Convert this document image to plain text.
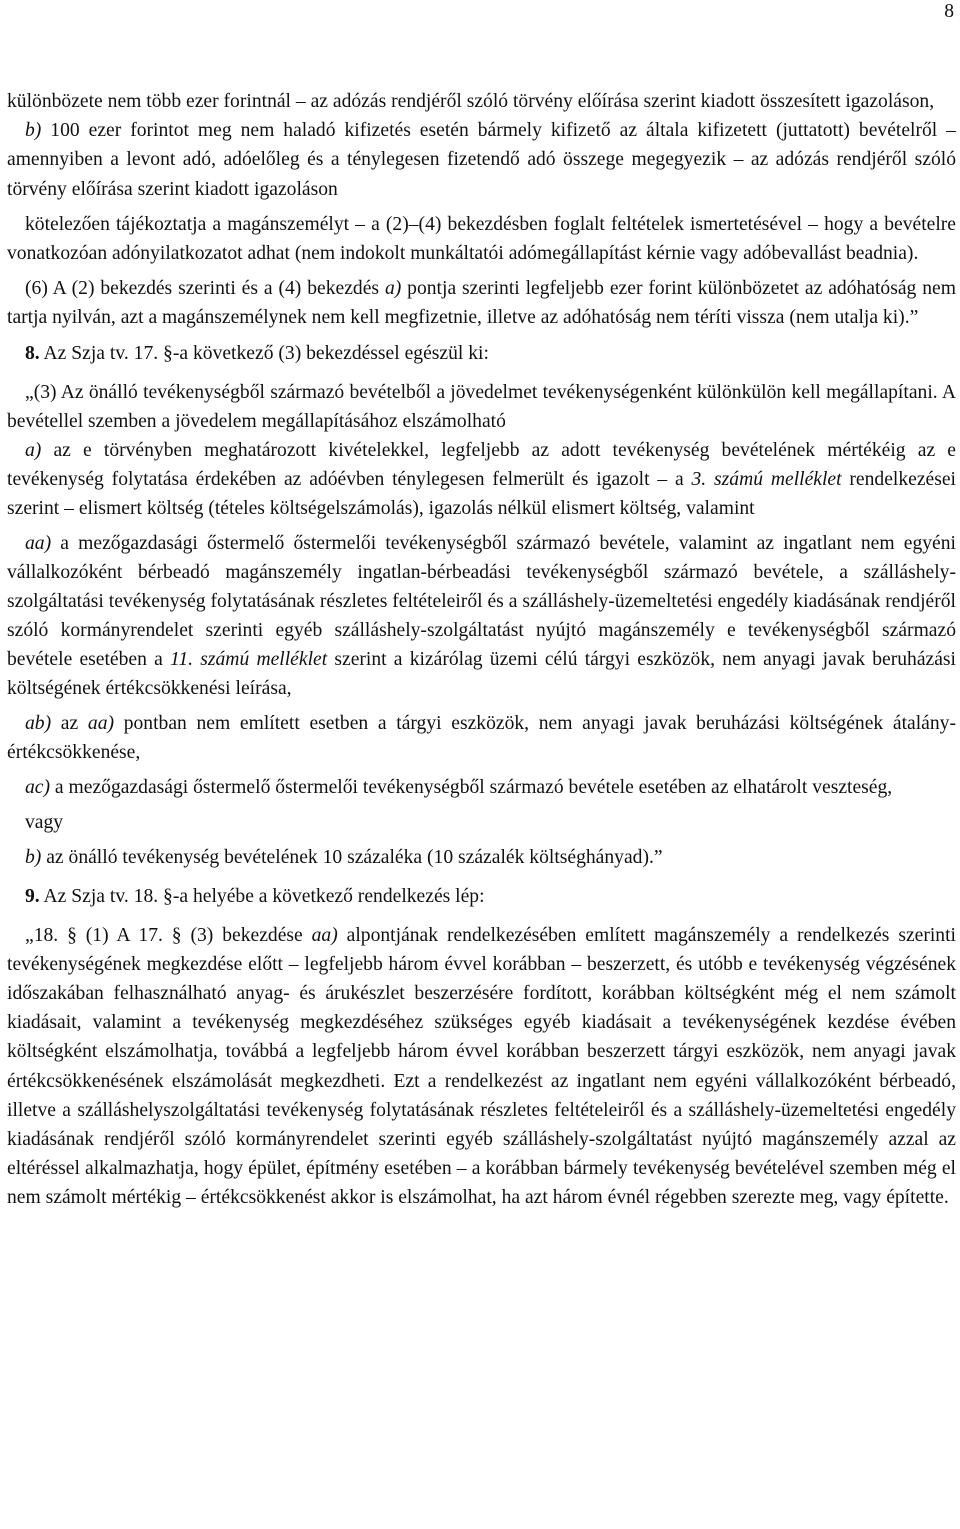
8

különbözete nem több ezer forintnál – az adózás rendjéről szóló törvény előírása szerint kiadott összesített igazoláson,

b) 100 ezer forintot meg nem haladó kifizetés esetén bármely kifizető az általa kifizetett (juttatott) bevételről – amennyiben a levont adó, adóelőleg és a ténylegesen fizetendő adó összege megegyezik – az adózás rendjéről szóló törvény előírása szerint kiadott igazoláson

kötelezően tájékoztatja a magánszemélyt – a (2)–(4) bekezdésben foglalt feltételek ismertetésével – hogy a bevételre vonatkozóan adónyilatkozatot adhat (nem indokolt munkáltatói adómegállapítást kérnie vagy adóbevallást beadnia).

(6) A (2) bekezdés szerinti és a (4) bekezdés a) pontja szerinti legfeljebb ezer forint különbözetet az adóhatóság nem tartja nyilván, azt a magánszemélynek nem kell megfizetnie, illetve az adóhatóság nem téríti vissza (nem utalja ki).”

8. Az Szja tv. 17. §-a következő (3) bekezdéssel egészül ki:

„(3) Az önálló tevékenységből származó bevételből a jövedelmet tevékenységenként különkülön kell megállapítani. A bevétellel szemben a jövedelem megállapításához elszámolható

a) az e törvényben meghatározott kivételekkel, legfeljebb az adott tevékenység bevételének mértékéig az e tevékenység folytatása érdekében az adóévben ténylegesen felmerült és igazolt – a 3. számú melléklet rendelkezései szerint – elismert költség (tételes költségelszámolás), igazolás nélkül elismert költség, valamint

aa) a mezőgazdasági őstermelő őstermelői tevékenységből származó bevétele, valamint az ingatlant nem egyéni vállalkozóként bérbeadó magánszemély ingatlan-bérbeadási tevékenységből származó bevétele, a szálláshely-szolgáltatási tevékenység folytatásának részletes feltételeiről és a szálláshely-üzemeltetési engedély kiadásának rendjéről szóló kormányrendelet szerinti egyéb szálláshely-szolgáltatást nyújtó magánszemély e tevékenységből származó bevétele esetében a 11. számú melléklet szerint a kizárólag üzemi célú tárgyi eszközök, nem anyagi javak beruházási költségének értékcsökkenési leírása,

ab) az aa) pontban nem említett esetben a tárgyi eszközök, nem anyagi javak beruházási költségének átalány-értékcsökkenése,

ac) a mezőgazdasági őstermelő őstermelői tevékenységből származó bevétele esetében az elhatárolt veszteség,

vagy

b) az önálló tevékenység bevételének 10 százaléka (10 százalék költséghányad).”

9. Az Szja tv. 18. §-a helyébe a következő rendelkezés lép:

„18. § (1) A 17. § (3) bekezdése aa) alpontjának rendelkezésében említett magánszemély a rendelkezés szerinti tevékenységének megkezdése előtt – legfeljebb három évvel korábban – beszerzett, és utóbb e tevékenység végzésének időszakában felhasználható anyag- és árukészlet beszerzésére fordított, korábban költségként még el nem számolt kiadásait, valamint a tevékenység megkezdéséhez szükséges egyéb kiadásait a tevékenységének kezdése évében költségként elszámolhatja, továbbá a legfeljebb három évvel korábban beszerzett tárgyi eszközök, nem anyagi javak értékcsökkenésének elszámolását megkezdheti. Ezt a rendelkezést az ingatlant nem egyéni vállalkozóként bérbeadó, illetve a szálláshelyszolgáltatási tevékenység folytatásának részletes feltételeiről és a szálláshely-üzemeltetési engedély kiadásának rendjéről szóló kormányrendelet szerinti egyéb szálláshely-szolgáltatást nyújtó magánszemély azzal az eltéréssel alkalmazhatja, hogy épület, építmény esetében – a korábban bármely tevékenység bevételével szemben még el nem számolt mértékig – értékcsökkenést akkor is elszámolhat, ha azt három évnél régebben szerezte meg, vagy építette.
